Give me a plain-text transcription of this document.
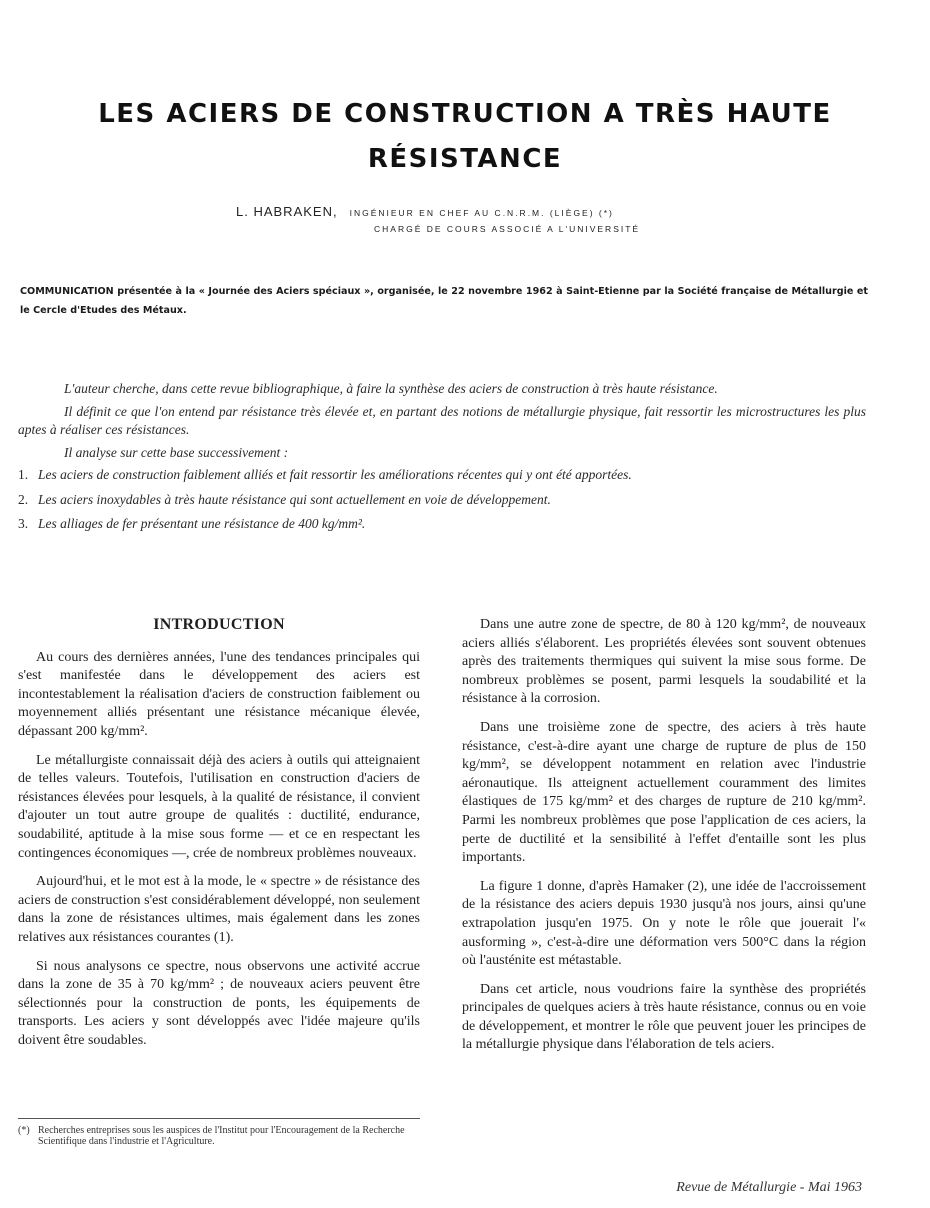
LES ACIERS DE CONSTRUCTION A TRÈS HAUTE RÉSISTANCE
L. HABRAKEN, INGÉNIEUR EN CHEF AU C.N.R.M. (LIÈGE) (*)
CHARGÉ DE COURS ASSOCIÉ A L'UNIVERSITÉ
COMMUNICATION présentée à la « Journée des Aciers spéciaux », organisée, le 22 novembre 1962 à Saint-Etienne par la Société française de Métallurgie et le Cercle d'Etudes des Métaux.

L'auteur cherche, dans cette revue bibliographique, à faire la synthèse des aciers de construction à très haute résistance.

Il définit ce que l'on entend par résistance très élevée et, en partant des notions de métallurgie physique, fait ressortir les microstructures les plus aptes à réaliser ces résistances.

Il analyse sur cette base successivement :

1. Les aciers de construction faiblement alliés et fait ressortir les améliorations récentes qui y ont été apportées.
2. Les aciers inoxydables à très haute résistance qui sont actuellement en voie de développement.
3. Les alliages de fer présentant une résistance de 400 kg/mm².
INTRODUCTION

Au cours des dernières années, l'une des tendances principales qui s'est manifestée dans le développement des aciers est incontestablement la réalisation d'aciers de construction faiblement ou moyennement alliés présentant une résistance mécanique élevée, dépassant 200 kg/mm².

Le métallurgiste connaissait déjà des aciers à outils qui atteignaient de telles valeurs. Toutefois, l'utilisation en construction d'aciers de résistances élevées pour lesquels, à la qualité de résistance, il convient d'ajouter un tout autre groupe de qualités : ductilité, endurance, soudabilité, aptitude à la mise sous forme — et ce en respectant les contingences économiques —, crée de nombreux problèmes nouveaux.

Aujourd'hui, et le mot est à la mode, le « spectre » de résistance des aciers de construction s'est considérablement développé, non seulement dans la zone de résistances ultimes, mais également dans les zones relatives aux résistances courantes (1).

Si nous analysons ce spectre, nous observons une activité accrue dans la zone de 35 à 70 kg/mm² ; de nouveaux aciers peuvent être sélectionnés pour la construction de ponts, les équipements de transports. Les aciers y sont développés avec l'idée majeure qu'ils doivent être soudables.

(*) Recherches entreprises sous les auspices de l'Institut pour l'Encouragement de la Recherche Scientifique dans l'industrie et l'Agriculture.

Dans une autre zone de spectre, de 80 à 120 kg/mm², de nouveaux aciers alliés s'élaborent. Les propriétés élevées sont souvent obtenues après des traitements thermiques qui suivent la mise sous forme. De nombreux problèmes se posent, parmi lesquels la soudabilité et la résistance à la corrosion.

Dans une troisième zone de spectre, des aciers à très haute résistance, c'est-à-dire ayant une charge de rupture de plus de 150 kg/mm², se développent notamment en relation avec l'industrie aéronautique. Ils atteignent actuellement couramment des limites élastiques de 175 kg/mm² et des charges de rupture de 210 kg/mm². Parmi les nombreux problèmes que pose l'application de ces aciers, la perte de ductilité et la sensibilité à l'effet d'entaille sont les plus importants.

La figure 1 donne, d'après Hamaker (2), une idée de l'accroissement de la résistance des aciers depuis 1930 jusqu'à nos jours, ainsi qu'une extrapolation jusqu'en 1975. On y note le rôle que jouerait l'« ausforming », c'est-à-dire une déformation vers 500°C dans la région où l'austénite est métastable.

Dans cet article, nous voudrions faire la synthèse des propriétés principales de quelques aciers à très haute résistance, connus ou en voie de développement, et montrer le rôle que peuvent jouer les principes de la métallurgie physique dans l'élaboration de tels aciers.

Revue de Métallurgie - Mai 1963
